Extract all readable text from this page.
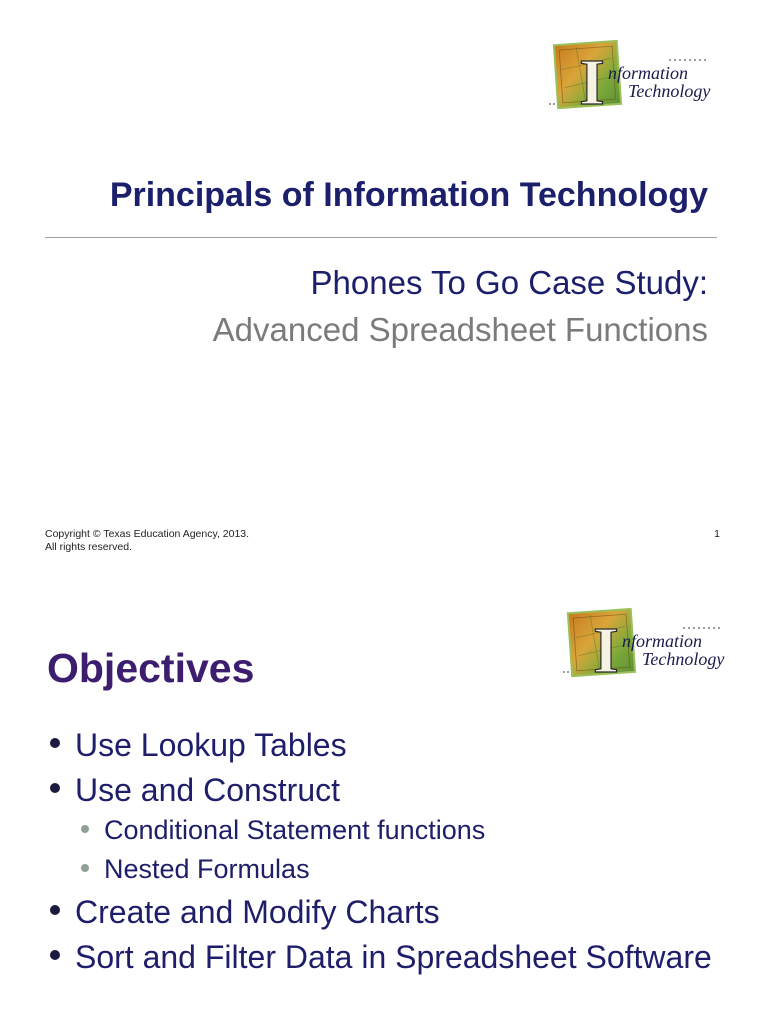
I nformation
Technology
Principals of Information Technology
Phones To Go Case Study:
Advanced Spreadsheet Functions
Copyright © Texas Education Agency, 2013.
All rights reserved.
1
I nformation
Technology
Objectives
Use Lookup Tables
Use and Construct
Conditional Statement functions
Nested Formulas
Create and Modify Charts
Sort and Filter Data in Spreadsheet Software
